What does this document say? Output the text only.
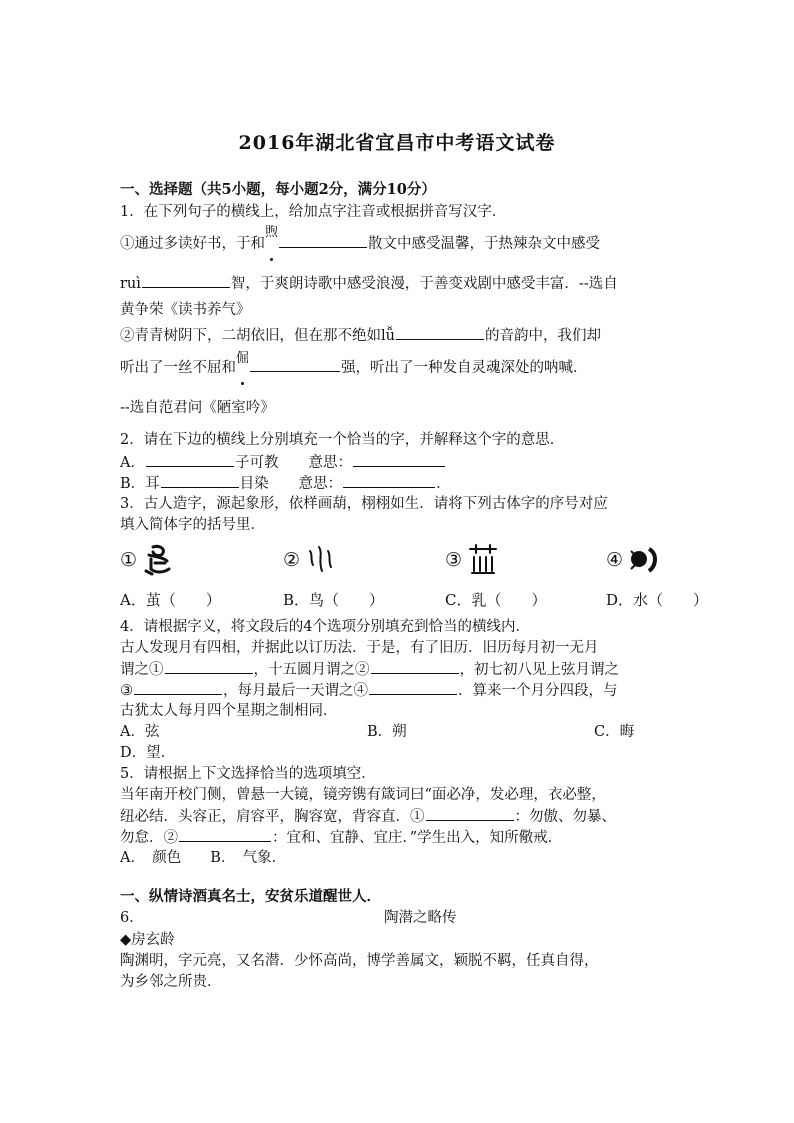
2016年湖北省宜昌市中考语文试卷
一、选择题（共5小题，每小题2分，满分10分）
1．在下列句子的横线上，给加点字注音或根据拼音写汉字．
①通过多读好书，于和煦
散文中感受温馨，于热辣杂文中感受
ruì	智，于爽朗诗歌中感受浪漫，于善变戏剧中感受丰富．--选自
黄争荣《读书养气》
②青青树阴下，二胡依旧，但在那不绝如lǚ	的音韵中，我们却
听出了一丝不屈和倔
强，听出了一种发自灵魂深处的呐喊．
--选自范君问《陋室吟》
2．请在下边的横线上分别填充一个恰当的字，并解释这个字的意思．
A．	子可教 意思：
B．耳	目染 意思：	．
3．古人造字，源起象形，依样画葫，栩栩如生．请将下列古体字的序号对应
填入简体字的括号里．
①	②	③	④
A．茧（　　）	B．鸟（　　）	C．乳（　　）	D．水（　　）
4．请根据字义，将文段后的4个选项分别填充到恰当的横线内．
古人发现月有四相，并据此以订历法．于是，有了旧历．旧历每月初一无月
谓之①	，十五圆月谓之②	，初七初八见上弦月谓之
③	，每月最后一天谓之④	．算来一个月分四段，与
古犹太人每月四个星期之制相同．
A．弦	B．朔	C．晦
D．望．
5．请根据上下文选择恰当的选项填空．
当年南开校门侧，曾悬一大镜，镜旁镌有箴词曰“面必净，发必理，衣必整，
纽必结．头容正，肩容平，胸容宽，背容直．①	：勿傲、勿暴、
勿怠．②	：宜和、宜静、宜庄．”学生出入，知所儆戒．
A．　颜色　　B．　气象．
一、纵情诗酒真名士，安贫乐道醒世人．
6．	陶潜之略传
◆房玄龄
陶渊明，字元亮，又名潜．少怀高尚，博学善属文，颖脱不羁，任真自得，
为乡邻之所贵．
